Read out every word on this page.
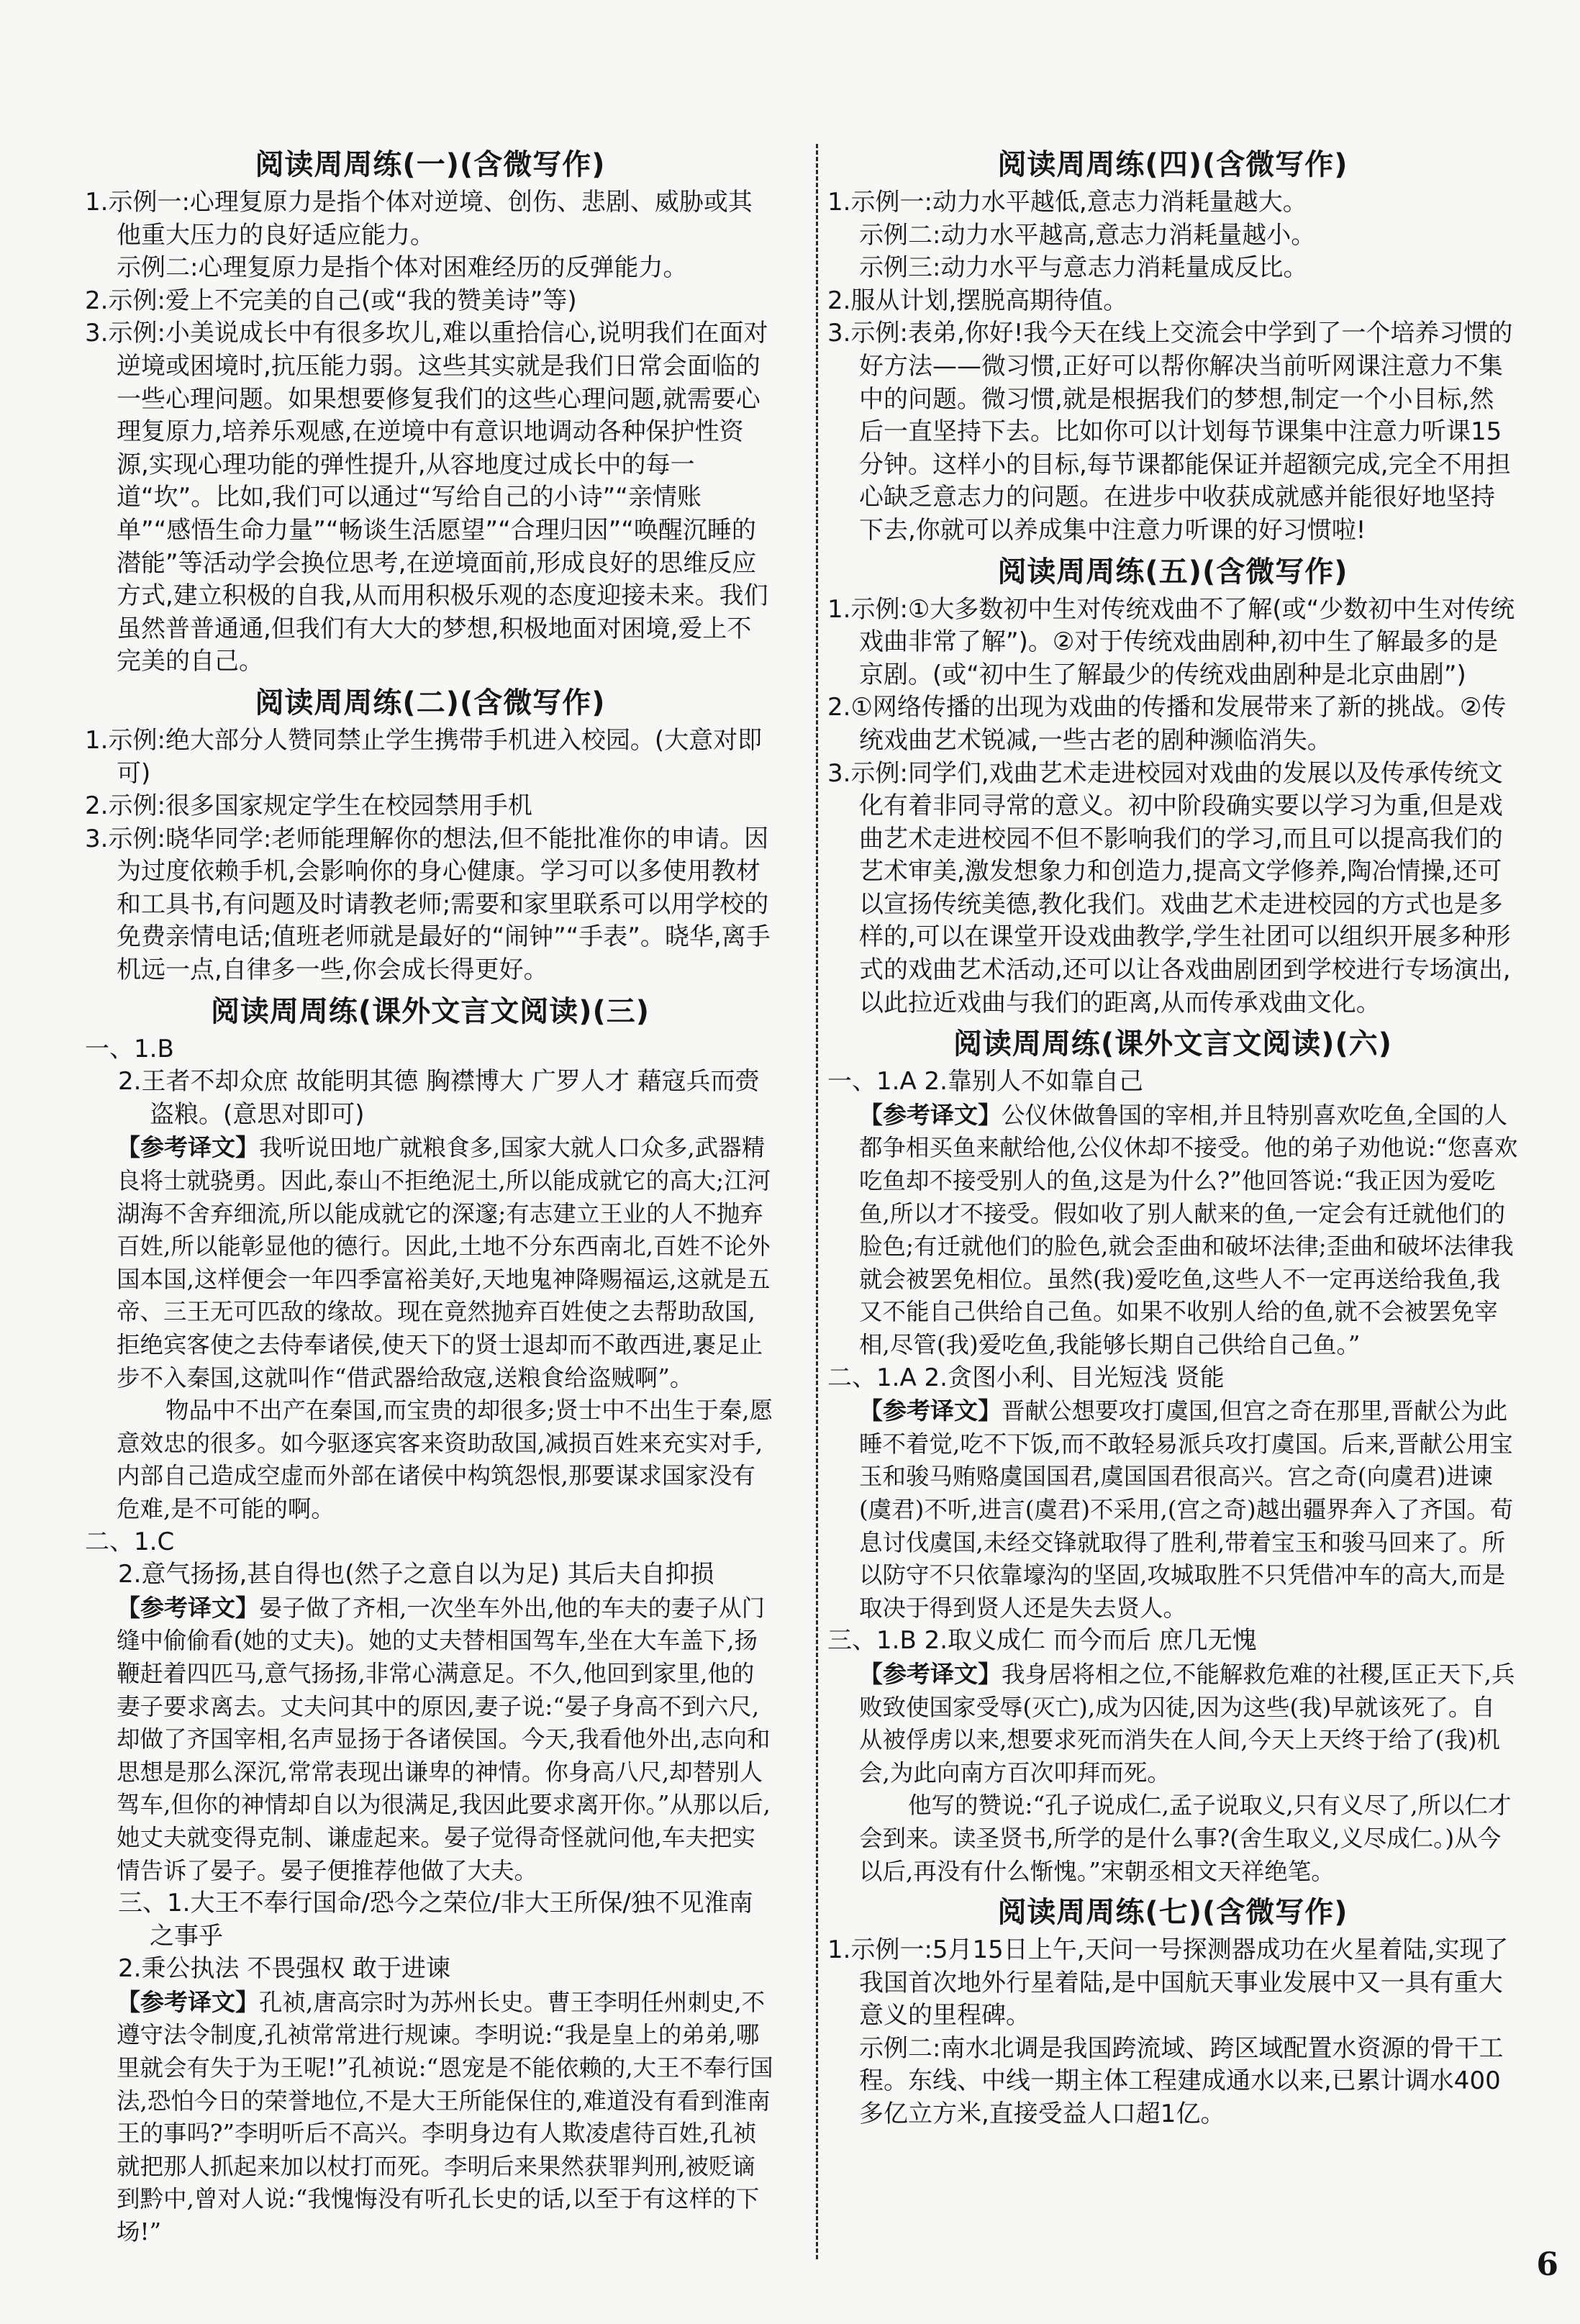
阅读周周练(一)(含微写作)
1.示例一:心理复原力是指个体对逆境、创伤、悲剧、威胁或其他重大压力的良好适应能力。
示例二:心理复原力是指个体对困难经历的反弹能力。
2.示例:爱上不完美的自己(或“我的赞美诗”等)
3.示例:小美说成长中有很多坎儿,难以重拾信心,说明我们在面对逆境或困境时,抗压能力弱。这些其实就是我们日常会面临的一些心理问题。如果想要修复我们的这些心理问题,就需要心理复原力,培养乐观感,在逆境中有意识地调动各种保护性资源,实现心理功能的弹性提升,从容地度过成长中的每一道“坎”。比如,我们可以通过“写给自己的小诗”“亲情账单”“感悟生命力量”“畅谈生活愿望”“合理归因”“唤醒沉睡的潜能”等活动学会换位思考,在逆境面前,形成良好的思维反应方式,建立积极的自我,从而用积极乐观的态度迎接未来。我们虽然普普通通,但我们有大大的梦想,积极地面对困境,爱上不完美的自己。
阅读周周练(二)(含微写作)
1.示例:绝大部分人赞同禁止学生携带手机进入校园。(大意对即可)
2.示例:很多国家规定学生在校园禁用手机
3.示例:晓华同学:老师能理解你的想法,但不能批准你的申请。因为过度依赖手机,会影响你的身心健康。学习可以多使用教材和工具书,有问题及时请教老师;需要和家里联系可以用学校的免费亲情电话;值班老师就是最好的“闹钟”“手表”。晓华,离手机远一点,自律多一些,你会成长得更好。
阅读周周练(课外文言文阅读)(三)
一、1.B
2.王者不却众庶 故能明其德 胸襟博大 广罗人才 藉寇兵而赍盗粮。(意思对即可)
【参考译文】我听说田地广就粮食多,国家大就人口众多,武器精良将士就骁勇。因此,泰山不拒绝泥土,所以能成就它的高大;江河湖海不舍弃细流,所以能成就它的深邃;有志建立王业的人不抛弃百姓,所以能彰显他的德行。因此,土地不分东西南北,百姓不论外国本国,这样便会一年四季富裕美好,天地鬼神降赐福运,这就是五帝、三王无可匹敌的缘故。现在竟然抛弃百姓使之去帮助敌国,拒绝宾客使之去侍奉诸侯,使天下的贤士退却而不敢西进,裹足止步不入秦国,这就叫作“借武器给敌寇,送粮食给盗贼啊”。
物品中不出产在秦国,而宝贵的却很多;贤士中不出生于秦,愿意效忠的很多。如今驱逐宾客来资助敌国,减损百姓来充实对手,内部自己造成空虚而外部在诸侯中构筑怨恨,那要谋求国家没有危难,是不可能的啊。
二、1.C
2.意气扬扬,甚自得也(然子之意自以为足) 其后夫自抑损
【参考译文】晏子做了齐相,一次坐车外出,他的车夫的妻子从门缝中偷偷看(她的丈夫)。她的丈夫替相国驾车,坐在大车盖下,扬鞭赶着四匹马,意气扬扬,非常心满意足。不久,他回到家里,他的妻子要求离去。丈夫问其中的原因,妻子说:“晏子身高不到六尺,却做了齐国宰相,名声显扬于各诸侯国。今天,我看他外出,志向和思想是那么深沉,常常表现出谦卑的神情。你身高八尺,却替别人驾车,但你的神情却自以为很满足,我因此要求离开你。”从那以后,她丈夫就变得克制、谦虚起来。晏子觉得奇怪就问他,车夫把实情告诉了晏子。晏子便推荐他做了大夫。
三、1.大王不奉行国命/恐今之荣位/非大王所保/独不见淮南之事乎
2.秉公执法 不畏强权 敢于进谏
【参考译文】孔祯,唐高宗时为苏州长史。曹王李明任州刺史,不遵守法令制度,孔祯常常进行规谏。李明说:“我是皇上的弟弟,哪里就会有失于为王呢!”孔祯说:“恩宠是不能依赖的,大王不奉行国法,恐怕今日的荣誉地位,不是大王所能保住的,难道没有看到淮南王的事吗?”李明听后不高兴。李明身边有人欺凌虐待百姓,孔祯就把那人抓起来加以杖打而死。李明后来果然获罪判刑,被贬谪到黔中,曾对人说:“我愧悔没有听孔长史的话,以至于有这样的下场!”
阅读周周练(四)(含微写作)
1.示例一:动力水平越低,意志力消耗量越大。
示例二:动力水平越高,意志力消耗量越小。
示例三:动力水平与意志力消耗量成反比。
2.服从计划,摆脱高期待值。
3.示例:表弟,你好!我今天在线上交流会中学到了一个培养习惯的好方法——微习惯,正好可以帮你解决当前听网课注意力不集中的问题。微习惯,就是根据我们的梦想,制定一个小目标,然后一直坚持下去。比如你可以计划每节课集中注意力听课15分钟。这样小的目标,每节课都能保证并超额完成,完全不用担心缺乏意志力的问题。在进步中收获成就感并能很好地坚持下去,你就可以养成集中注意力听课的好习惯啦!
阅读周周练(五)(含微写作)
1.示例:①大多数初中生对传统戏曲不了解(或“少数初中生对传统戏曲非常了解”)。②对于传统戏曲剧种,初中生了解最多的是京剧。(或“初中生了解最少的传统戏曲剧种是北京曲剧”)
2.①网络传播的出现为戏曲的传播和发展带来了新的挑战。②传统戏曲艺术锐减,一些古老的剧种濒临消失。
3.示例:同学们,戏曲艺术走进校园对戏曲的发展以及传承传统文化有着非同寻常的意义。初中阶段确实要以学习为重,但是戏曲艺术走进校园不但不影响我们的学习,而且可以提高我们的艺术审美,激发想象力和创造力,提高文学修养,陶冶情操,还可以宣扬传统美德,教化我们。戏曲艺术走进校园的方式也是多样的,可以在课堂开设戏曲教学,学生社团可以组织开展多种形式的戏曲艺术活动,还可以让各戏曲剧团到学校进行专场演出,以此拉近戏曲与我们的距离,从而传承戏曲文化。
阅读周周练(课外文言文阅读)(六)
一、1.A 2.靠别人不如靠自己
【参考译文】公仪休做鲁国的宰相,并且特别喜欢吃鱼,全国的人都争相买鱼来献给他,公仪休却不接受。他的弟子劝他说:“您喜欢吃鱼却不接受别人的鱼,这是为什么?”他回答说:“我正因为爱吃鱼,所以才不接受。假如收了别人献来的鱼,一定会有迁就他们的脸色;有迁就他们的脸色,就会歪曲和破坏法律;歪曲和破坏法律我就会被罢免相位。虽然(我)爱吃鱼,这些人不一定再送给我鱼,我又不能自己供给自己鱼。如果不收别人给的鱼,就不会被罢免宰相,尽管(我)爱吃鱼,我能够长期自己供给自己鱼。”
二、1.A 2.贪图小利、目光短浅 贤能
【参考译文】晋献公想要攻打虞国,但宫之奇在那里,晋献公为此睡不着觉,吃不下饭,而不敢轻易派兵攻打虞国。后来,晋献公用宝玉和骏马贿赂虞国国君,虞国国君很高兴。宫之奇(向虞君)进谏(虞君)不听,进言(虞君)不采用,(宫之奇)越出疆界奔入了齐国。荀息讨伐虞国,未经交锋就取得了胜利,带着宝玉和骏马回来了。所以防守不只依靠壕沟的坚固,攻城取胜不只凭借冲车的高大,而是取决于得到贤人还是失去贤人。
三、1.B 2.取义成仁 而今而后 庶几无愧
【参考译文】我身居将相之位,不能解救危难的社稷,匡正天下,兵败致使国家受辱(灭亡),成为囚徒,因为这些(我)早就该死了。自从被俘虏以来,想要求死而消失在人间,今天上天终于给了(我)机会,为此向南方百次叩拜而死。
他写的赞说:“孔子说成仁,孟子说取义,只有义尽了,所以仁才会到来。读圣贤书,所学的是什么事?(舍生取义,义尽成仁。)从今以后,再没有什么惭愧。”宋朝丞相文天祥绝笔。
阅读周周练(七)(含微写作)
1.示例一:5月15日上午,天问一号探测器成功在火星着陆,实现了我国首次地外行星着陆,是中国航天事业发展中又一具有重大意义的里程碑。
示例二:南水北调是我国跨流域、跨区域配置水资源的骨干工程。东线、中线一期主体工程建成通水以来,已累计调水400多亿立方米,直接受益人口超1亿。
6
